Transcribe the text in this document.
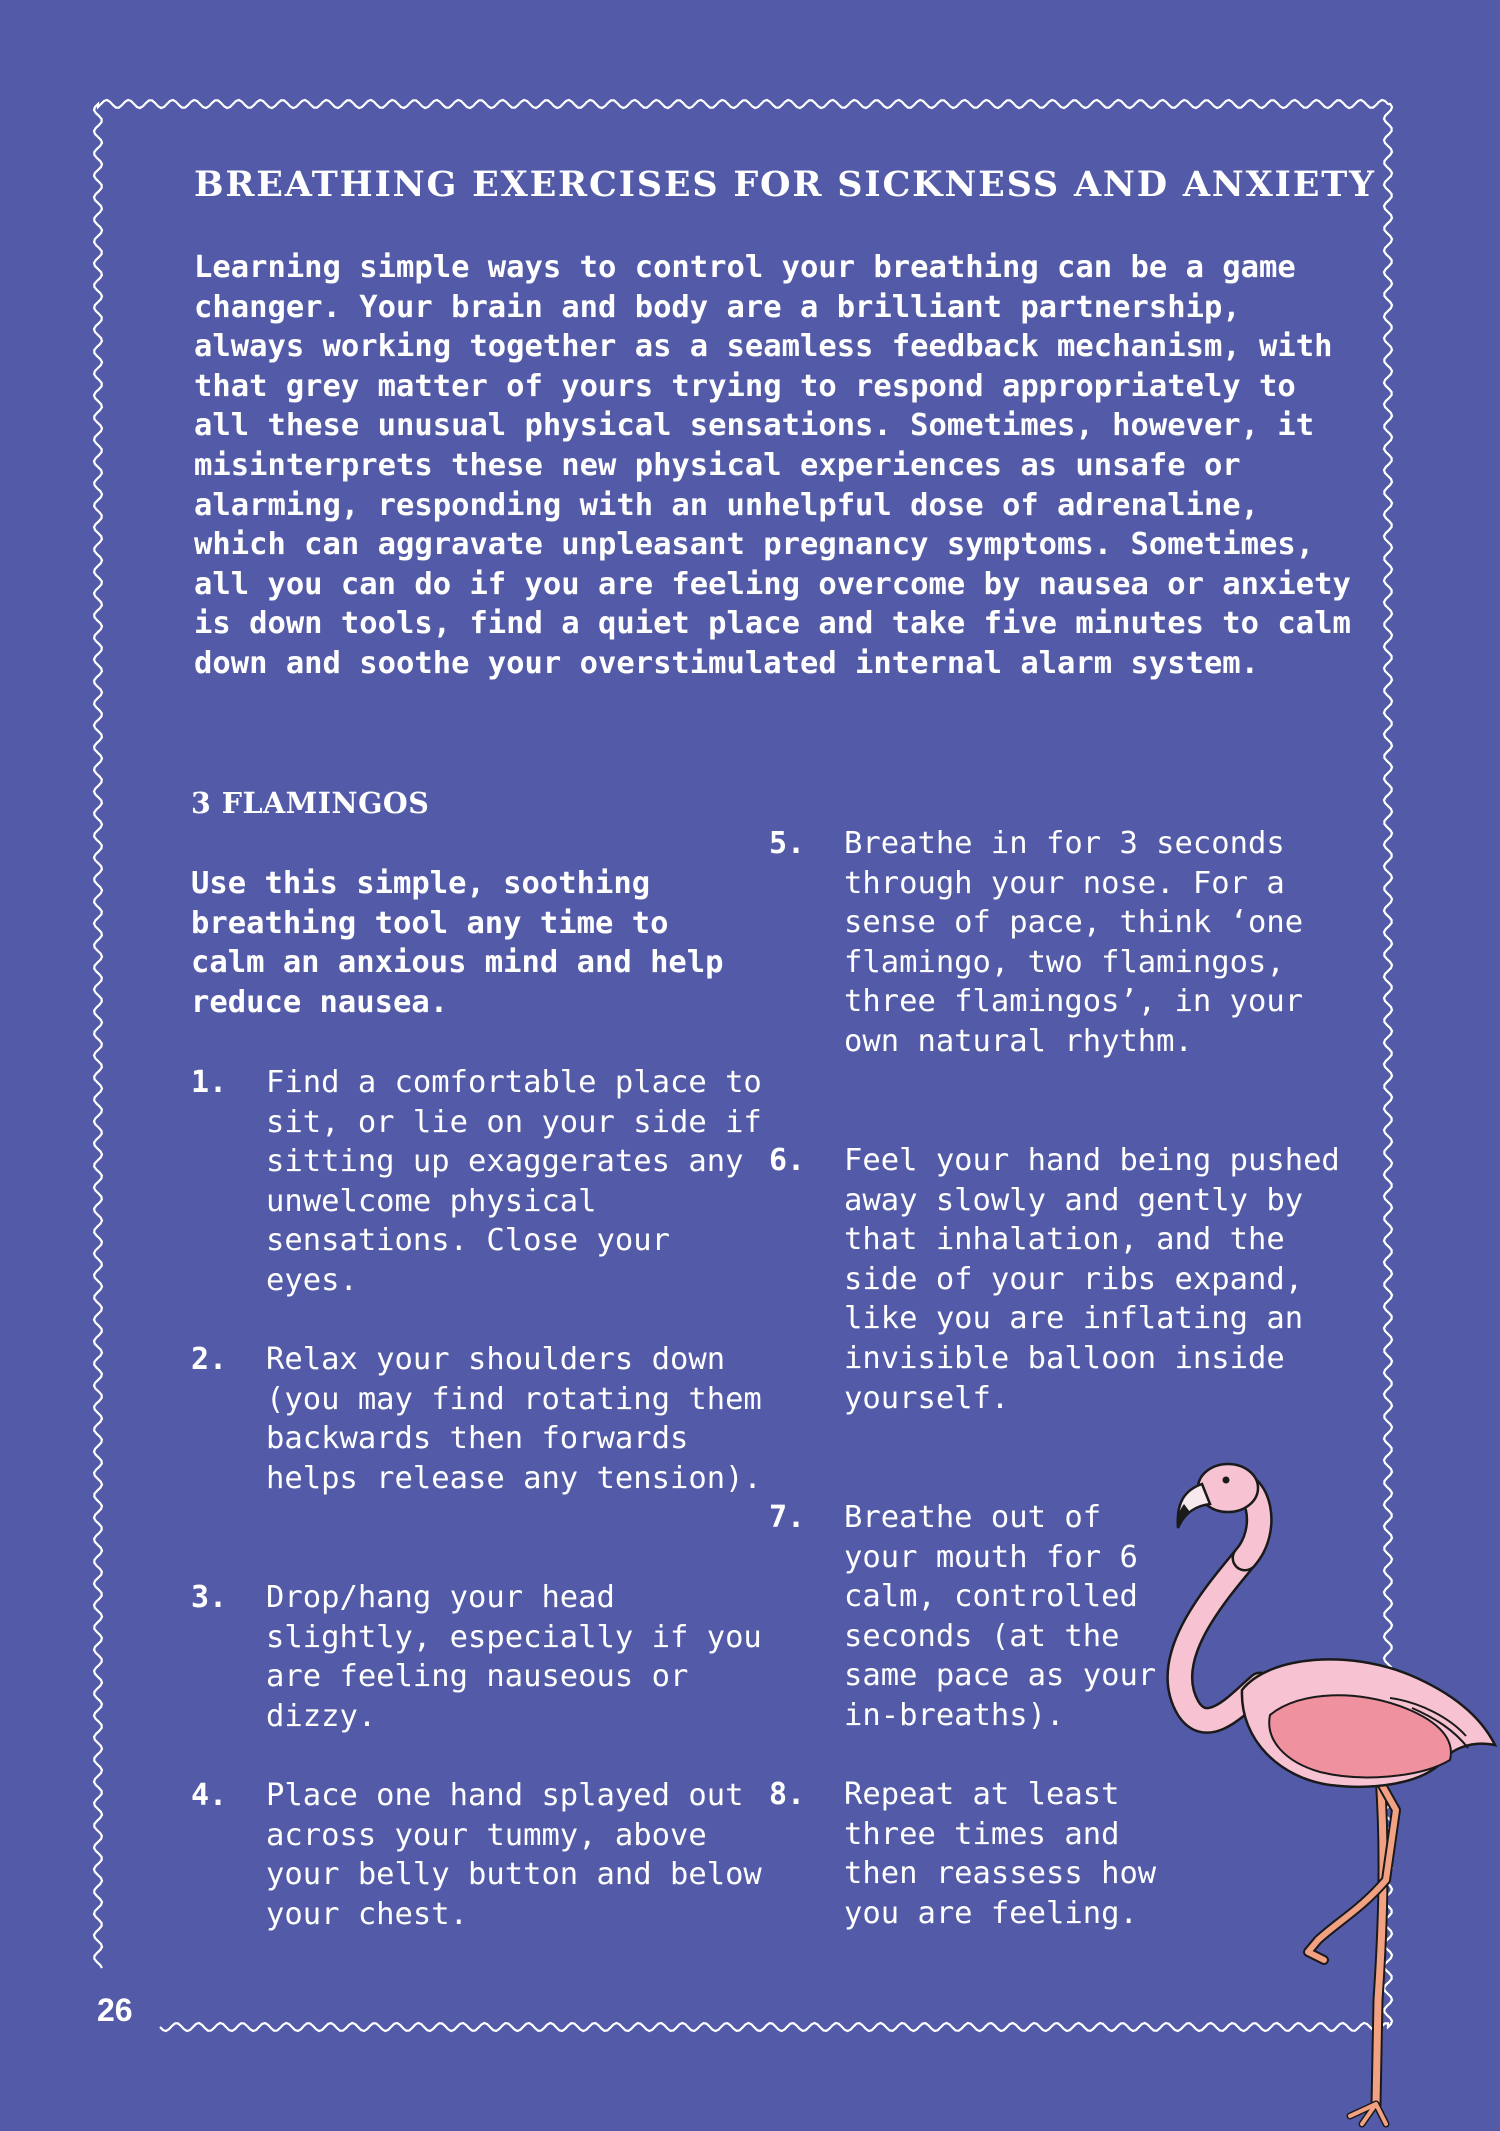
BREATHING EXERCISES FOR SICKNESS AND ANXIETY

Learning simple ways to control your breathing can be a game changer. Your brain and body are a brilliant partnership, always working together as a seamless feedback mechanism, with that grey matter of yours trying to respond appropriately to all these unusual physical sensations. Sometimes, however, it misinterprets these new physical experiences as unsafe or alarming, responding with an unhelpful dose of adrenaline, which can aggravate unpleasant pregnancy symptoms. Sometimes, all you can do if you are feeling overcome by nausea or anxiety is down tools, find a quiet place and take five minutes to calm down and soothe your overstimulated internal alarm system.

3 FLAMINGOS

Use this simple, soothing breathing tool any time to calm an anxious mind and help reduce nausea.

1. Find a comfortable place to sit, or lie on your side if sitting up exaggerates any unwelcome physical sensations. Close your eyes.

2. Relax your shoulders down (you may find rotating them backwards then forwards helps release any tension).

3. Drop/hang your head slightly, especially if you are feeling nauseous or dizzy.

4. Place one hand splayed out across your tummy, above your belly button and below your chest.

5. Breathe in for 3 seconds through your nose. For a sense of pace, think ‘one flamingo, two flamingos, three flamingos’, in your own natural rhythm.

6. Feel your hand being pushed away slowly and gently by that inhalation, and the side of your ribs expand, like you are inflating an invisible balloon inside yourself.

7. Breathe out of your mouth for 6 calm, controlled seconds (at the same pace as your in-breaths).

8. Repeat at least three times and then reassess how you are feeling.

26
